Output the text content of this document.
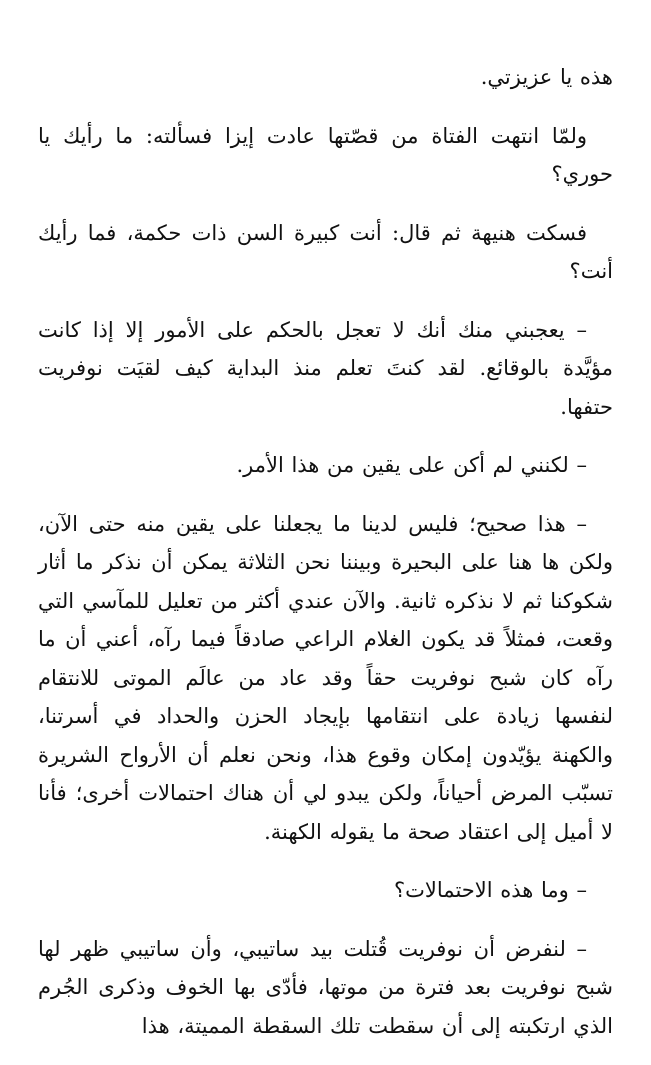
هذه يا عزيزتي.

ولمّا انتهت الفتاة من قصّتها عادت إيزا فسألته: ما رأيك يا حوري؟

فسكت هنيهة ثم قال: أنت كبيرة السن ذات حكمة، فما رأيك أنت؟

– يعجبني منك أنك لا تعجل بالحكم على الأمور إلا إذا كانت مؤيَّدة بالوقائع. لقد كنتَ تعلم منذ البداية كيف لقيَت نوفريت حتفها.

– لكنني لم أكن على يقين من هذا الأمر.

– هذا صحيح؛ فليس لدينا ما يجعلنا على يقين منه حتى الآن، ولكن ها هنا على البحيرة وبيننا نحن الثلاثة يمكن أن نذكر ما أثار شكوكنا ثم لا نذكره ثانية. والآن عندي أكثر من تعليل للمآسي التي وقعت، فمثلاً قد يكون الغلام الراعي صادقاً فيما رآه، أعني أن ما رآه كان شبح نوفريت حقاً وقد عاد من عالَم الموتى للانتقام لنفسها زيادة على انتقامها بإيجاد الحزن والحداد في أسرتنا، والكهنة يؤيّدون إمكان وقوع هذا، ونحن نعلم أن الأرواح الشريرة تسبّب المرض أحياناً، ولكن يبدو لي أن هناك احتمالات أخرى؛ فأنا لا أميل إلى اعتقاد صحة ما يقوله الكهنة.

– وما هذه الاحتمالات؟

– لنفرض أن نوفريت قُتلت بيد ساتيبي، وأن ساتيبي ظهر لها شبح نوفريت بعد فترة من موتها، فأدّى بها الخوف وذكرى الجُرم الذي ارتكبته إلى أن سقطت تلك السقطة المميتة، هذا
